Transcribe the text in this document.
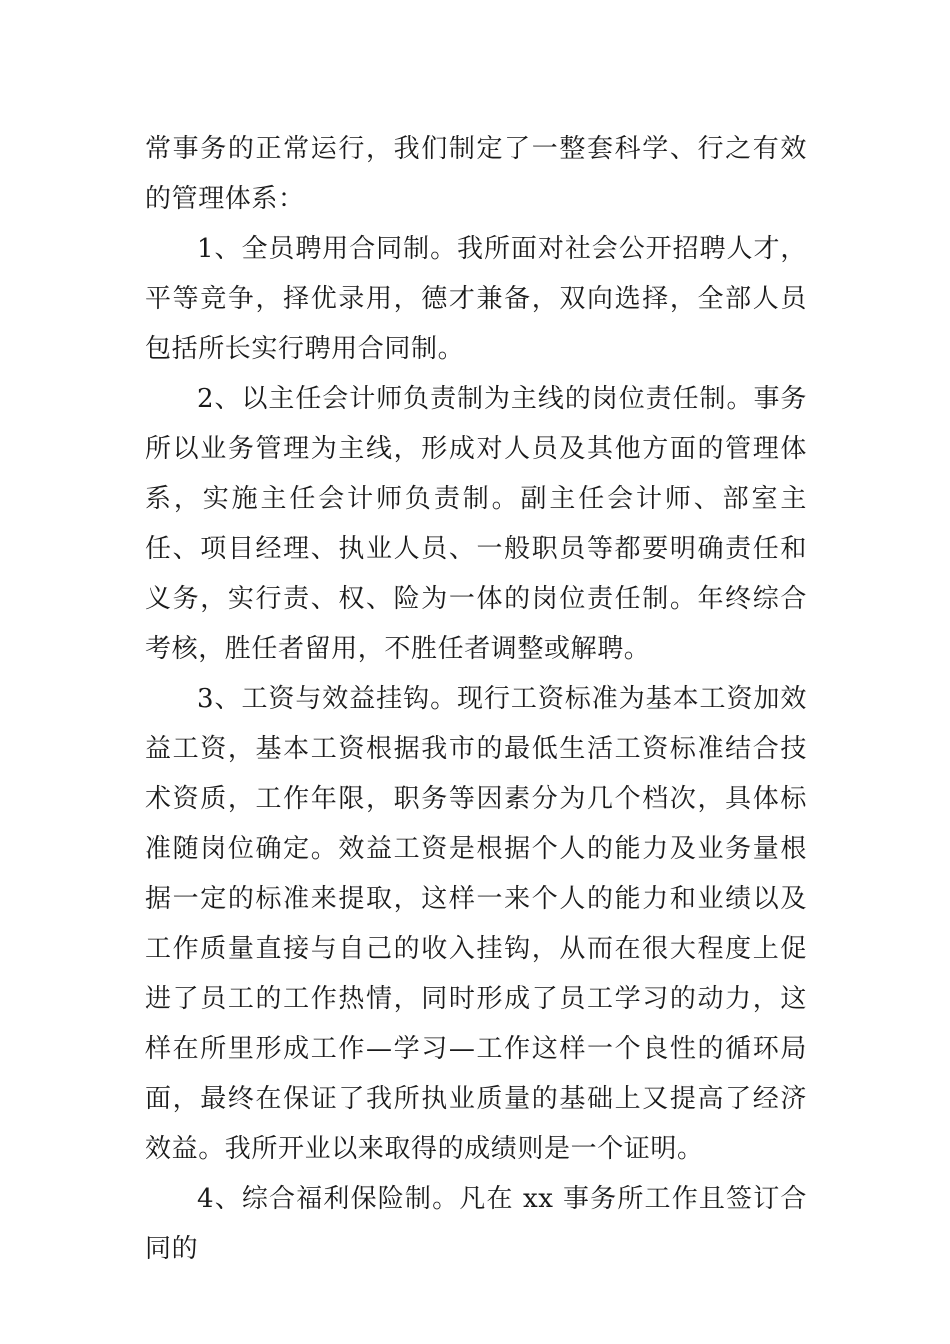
常事务的正常运行，我们制定了一整套科学、行之有效的管理体系：

1、全员聘用合同制。我所面对社会公开招聘人才，平等竞争，择优录用，德才兼备，双向选择，全部人员包括所长实行聘用合同制。

2、以主任会计师负责制为主线的岗位责任制。事务所以业务管理为主线，形成对人员及其他方面的管理体系，实施主任会计师负责制。副主任会计师、部室主任、项目经理、执业人员、一般职员等都要明确责任和义务，实行责、权、险为一体的岗位责任制。年终综合考核，胜任者留用，不胜任者调整或解聘。

3、工资与效益挂钩。现行工资标准为基本工资加效益工资，基本工资根据我市的最低生活工资标准结合技术资质，工作年限，职务等因素分为几个档次，具体标准随岗位确定。效益工资是根据个人的能力及业务量根据一定的标准来提取，这样一来个人的能力和业绩以及工作质量直接与自己的收入挂钩，从而在很大程度上促进了员工的工作热情，同时形成了员工学习的动力，这样在所里形成工作—学习—工作这样一个良性的循环局面，最终在保证了我所执业质量的基础上又提高了经济效益。我所开业以来取得的成绩则是一个证明。

4、综合福利保险制。凡在 xx 事务所工作且签订合同的
